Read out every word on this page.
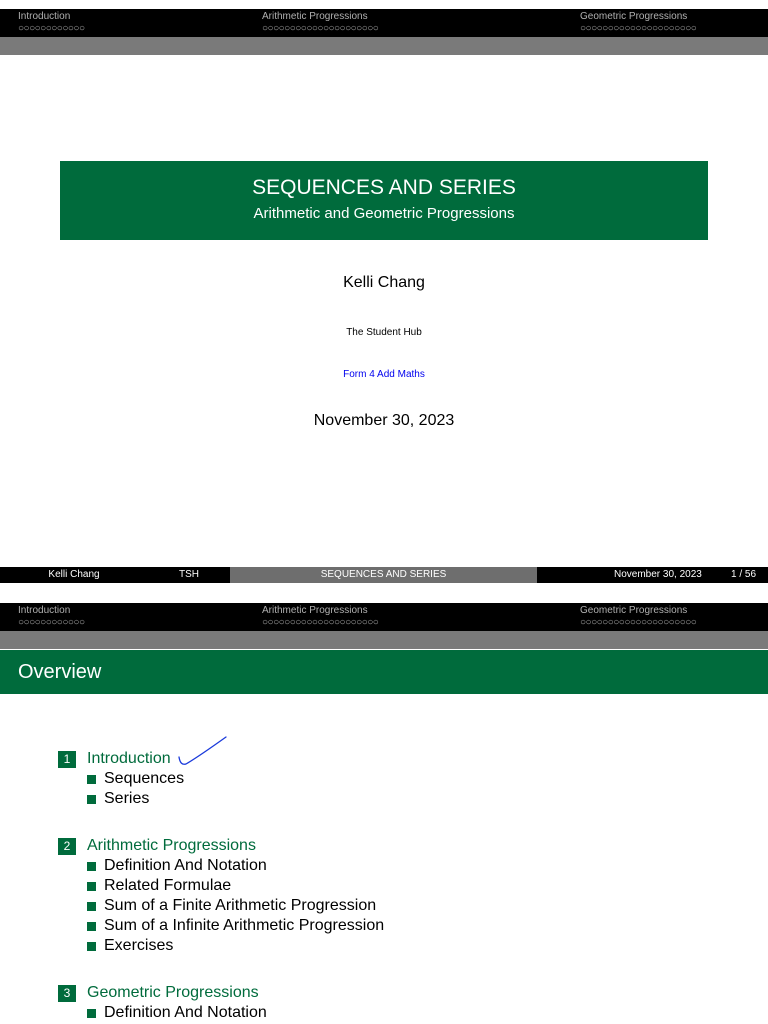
Introduction
○○○○○○○○○○○○
Arithmetic Progressions
○○○○○○○○○○○○○○○○○○○○○
Geometric Progressions
○○○○○○○○○○○○○○○○○○○○○
SEQUENCES AND SERIES
Arithmetic and Geometric Progressions
Kelli Chang
The Student Hub
Form 4 Add Maths
November 30, 2023
Kelli Chang	TSH	SEQUENCES AND SERIES	November 30, 2023	1 / 56
Introduction
○○○○○○○○○○○○
Arithmetic Progressions
○○○○○○○○○○○○○○○○○○○○○
Geometric Progressions
○○○○○○○○○○○○○○○○○○○○○
Overview
1	Introduction
Sequences
Series
2	Arithmetic Progressions
Definition And Notation
Related Formulae
Sum of a Finite Arithmetic Progression
Sum of a Infinite Arithmetic Progression
Exercises
3	Geometric Progressions
Definition And Notation
